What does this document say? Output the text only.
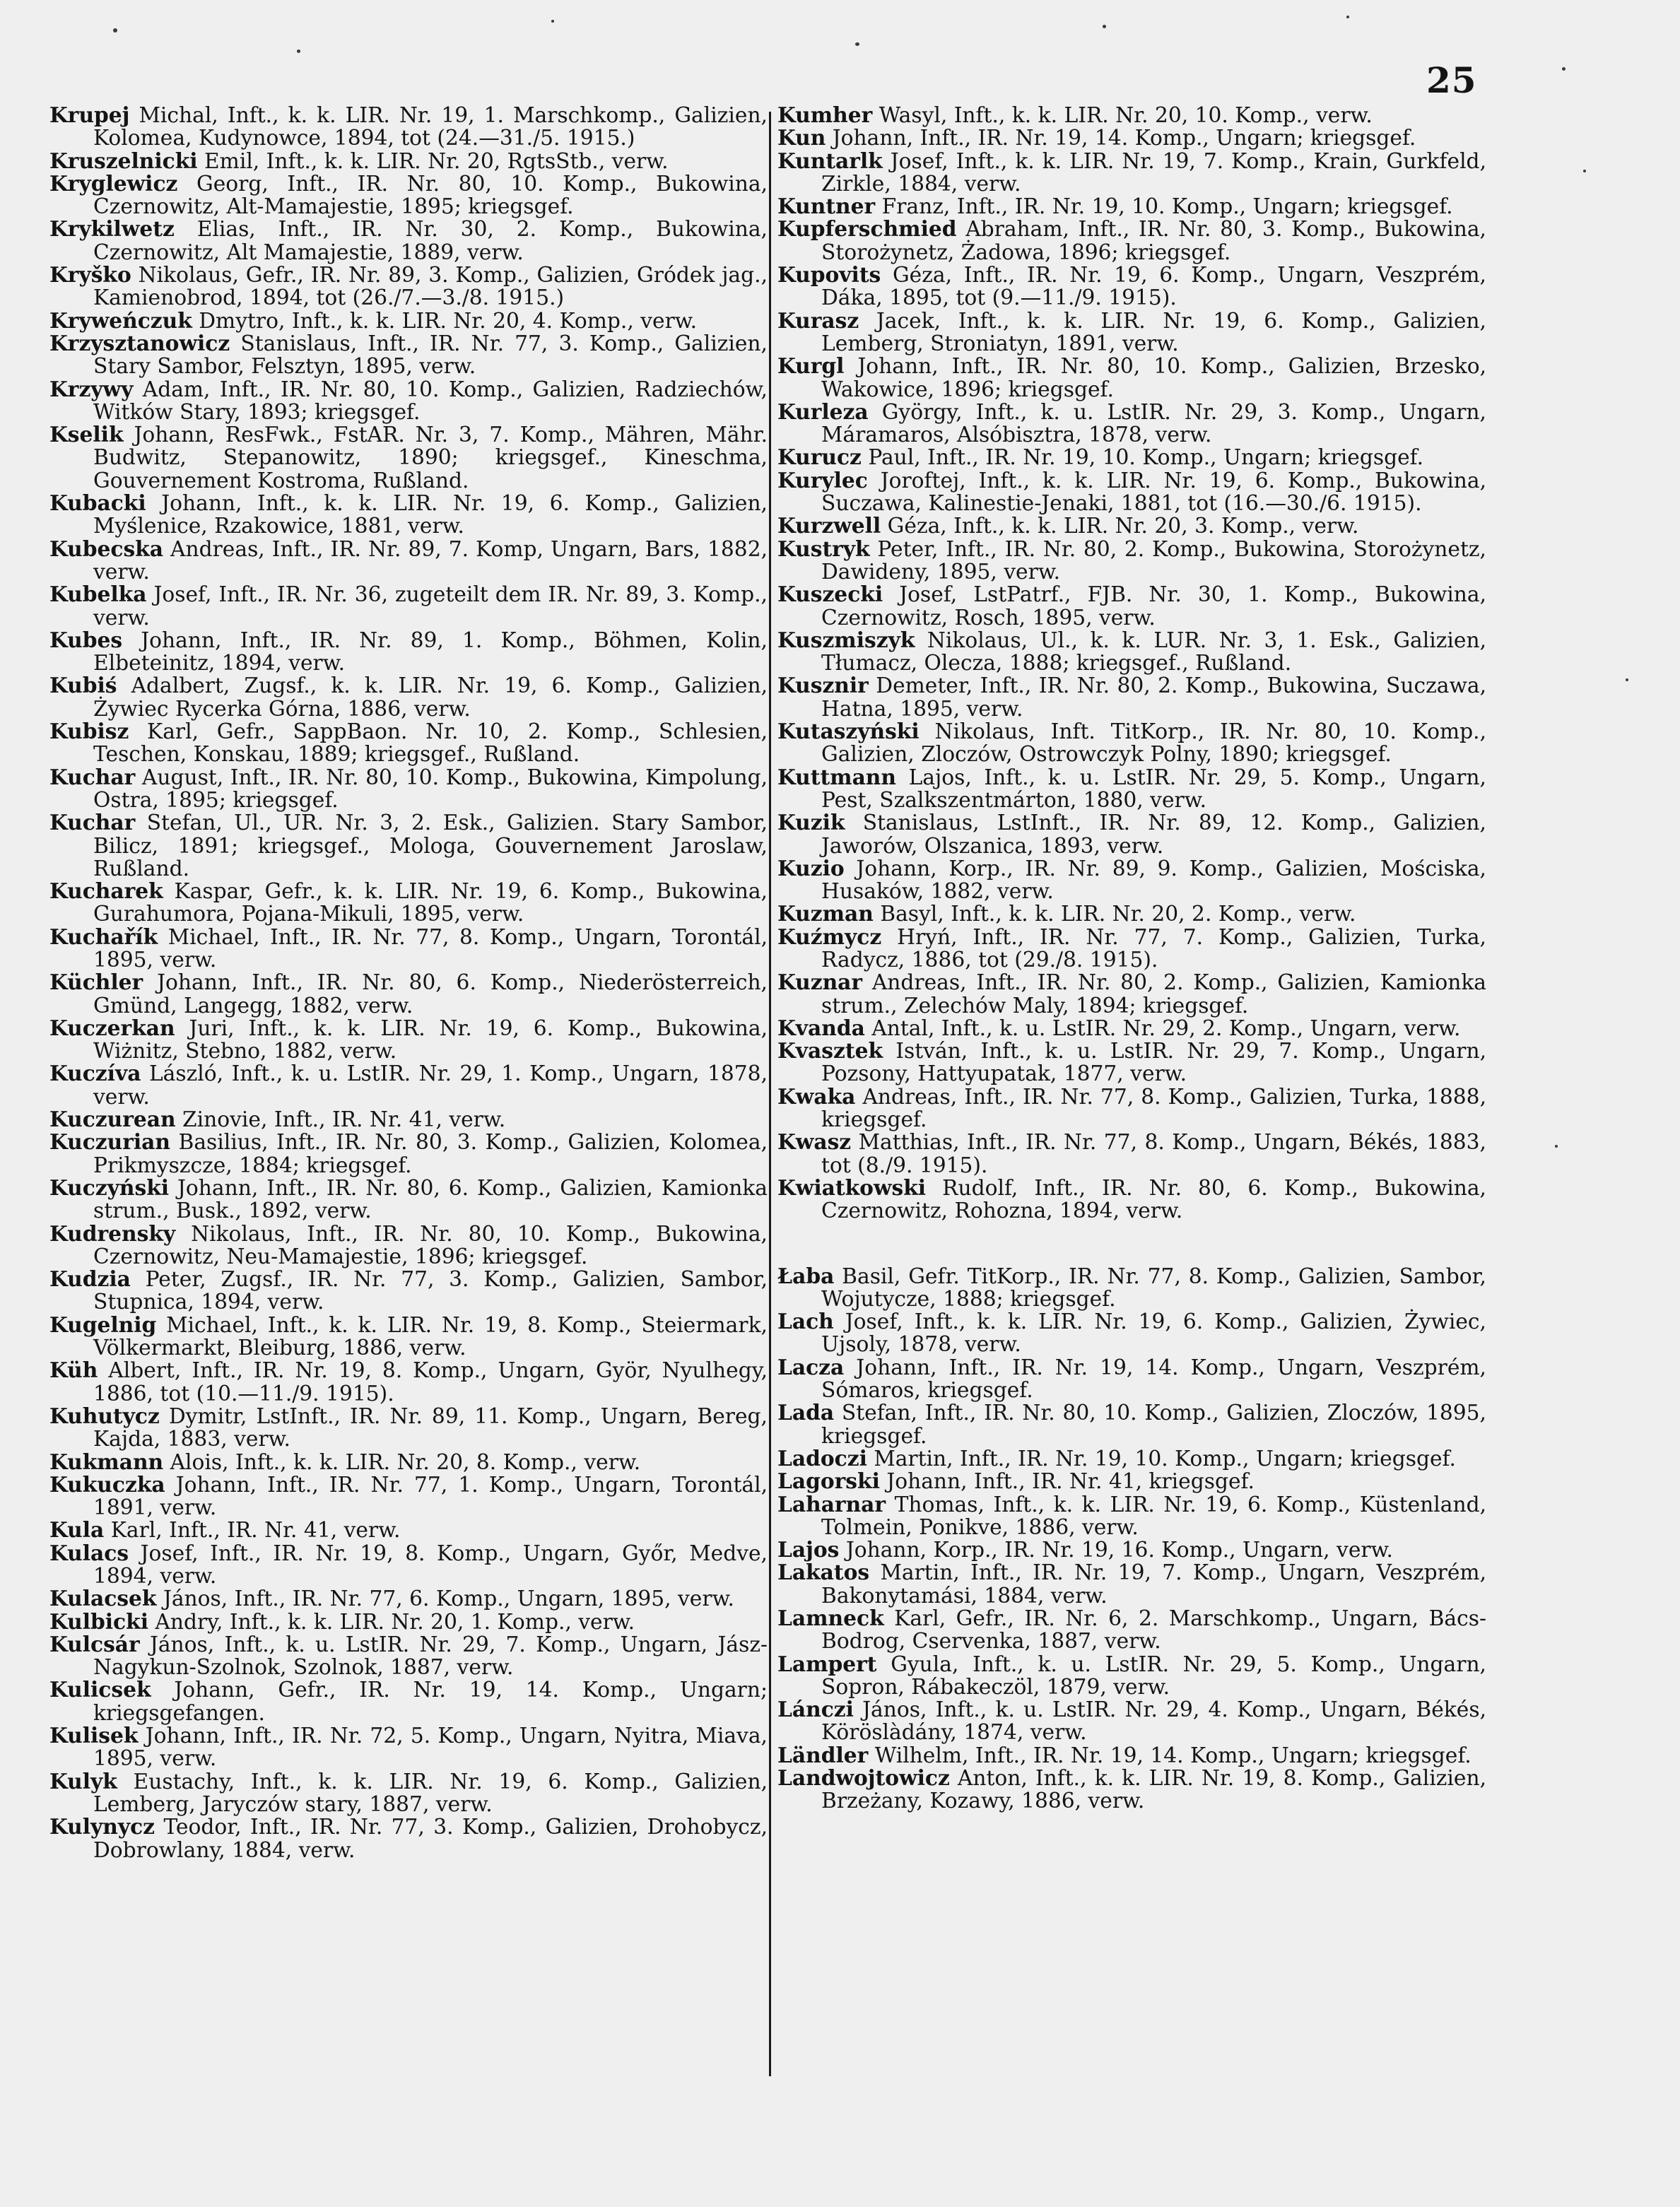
25

Krupej Michal, Inft., k. k. LIR. Nr. 19, 1. Marschkomp., Galizien, Kolomea, Kudynowce, 1894, tot (24.—31./5. 1915.)

Kruszelnicki Emil, Inft., k. k. LIR. Nr. 20, RgtsStb., verw.

Kryglewicz Georg, Inft., IR. Nr. 80, 10. Komp., Bukowina, Czernowitz, Alt-Mamajestie, 1895; kriegsgef.

Krykilwetz Elias, Inft., IR. Nr. 30, 2. Komp., Bukowina, Czernowitz, Alt Mamajestie, 1889, verw.

Kryško Nikolaus, Gefr., IR. Nr. 89, 3. Komp., Galizien, Gródek jag., Kamienobrod, 1894, tot (26./7.—3./8. 1915.)

Kryweńczuk Dmytro, Inft., k. k. LIR. Nr. 20, 4. Komp., verw.

Krzysztanowicz Stanislaus, Inft., IR. Nr. 77, 3. Komp., Galizien, Stary Sambor, Felsztyn, 1895, verw.

Krzywy Adam, Inft., IR. Nr. 80, 10. Komp., Galizien, Radziechów, Witków Stary, 1893; kriegsgef.

Kselik Johann, ResFwk., FstAR. Nr. 3, 7. Komp., Mähren, Mähr. Budwitz, Stepanowitz, 1890; kriegsgef., Kineschma, Gouvernement Kostroma, Rußland.

Kubacki Johann, Inft., k. k. LIR. Nr. 19, 6. Komp., Galizien, Myślenice, Rzakowice, 1881, verw.

Kubecska Andreas, Inft., IR. Nr. 89, 7. Komp, Ungarn, Bars, 1882, verw.

Kubelka Josef, Inft., IR. Nr. 36, zugeteilt dem IR. Nr. 89, 3. Komp., verw.

Kubes Johann, Inft., IR. Nr. 89, 1. Komp., Böhmen, Kolin, Elbeteinitz, 1894, verw.

Kubiś Adalbert, Zugsf., k. k. LIR. Nr. 19, 6. Komp., Galizien, Żywiec Rycerka Górna, 1886, verw.

Kubisz Karl, Gefr., SappBaon. Nr. 10, 2. Komp., Schlesien, Teschen, Konskau, 1889; kriegsgef., Rußland.

Kuchar August, Inft., IR. Nr. 80, 10. Komp., Bukowina, Kimpolung, Ostra, 1895; kriegsgef.

Kuchar Stefan, Ul., UR. Nr. 3, 2. Esk., Galizien. Stary Sambor, Bilicz, 1891; kriegsgef., Mologa, Gouvernement Jaroslaw, Rußland.

Kucharek Kaspar, Gefr., k. k. LIR. Nr. 19, 6. Komp., Bukowina, Gurahumora, Pojana-Mikuli, 1895, verw.

Kuchařík Michael, Inft., IR. Nr. 77, 8. Komp., Ungarn, Torontál, 1895, verw.

Küchler Johann, Inft., IR. Nr. 80, 6. Komp., Niederösterreich, Gmünd, Langegg, 1882, verw.

Kuczerkan Juri, Inft., k. k. LIR. Nr. 19, 6. Komp., Bukowina, Wiżnitz, Stebno, 1882, verw.

Kuczíva László, Inft., k. u. LstIR. Nr. 29, 1. Komp., Ungarn, 1878, verw.

Kuczurean Zinovie, Inft., IR. Nr. 41, verw.

Kuczurian Basilius, Inft., IR. Nr. 80, 3. Komp., Galizien, Kolomea, Prikmyszcze, 1884; kriegsgef.

Kuczyński Johann, Inft., IR. Nr. 80, 6. Komp., Galizien, Kamionka strum., Busk., 1892, verw.

Kudrensky Nikolaus, Inft., IR. Nr. 80, 10. Komp., Bukowina, Czernowitz, Neu-Mamajestie, 1896; kriegsgef.

Kudzia Peter, Zugsf., IR. Nr. 77, 3. Komp., Galizien, Sambor, Stupnica, 1894, verw.

Kugelnig Michael, Inft., k. k. LIR. Nr. 19, 8. Komp., Steiermark, Völkermarkt, Bleiburg, 1886, verw.

Küh Albert, Inft., IR. Nr. 19, 8. Komp., Ungarn, Györ, Nyulhegy, 1886, tot (10.—11./9. 1915).

Kuhutycz Dymitr, LstInft., IR. Nr. 89, 11. Komp., Ungarn, Bereg, Kajda, 1883, verw.

Kukmann Alois, Inft., k. k. LIR. Nr. 20, 8. Komp., verw.

Kukuczka Johann, Inft., IR. Nr. 77, 1. Komp., Ungarn, Torontál, 1891, verw.

Kula Karl, Inft., IR. Nr. 41, verw.

Kulacs Josef, Inft., IR. Nr. 19, 8. Komp., Ungarn, Győr, Medve, 1894, verw.

Kulacsek János, Inft., IR. Nr. 77, 6. Komp., Ungarn, 1895, verw.

Kulbicki Andry, Inft., k. k. LIR. Nr. 20, 1. Komp., verw.

Kulcsár János, Inft., k. u. LstIR. Nr. 29, 7. Komp., Ungarn, Jász-Nagykun-Szolnok, Szolnok, 1887, verw.

Kulicsek Johann, Gefr., IR. Nr. 19, 14. Komp., Ungarn; kriegsgefangen.

Kulisek Johann, Inft., IR. Nr. 72, 5. Komp., Ungarn, Nyitra, Miava, 1895, verw.

Kulyk Eustachy, Inft., k. k. LIR. Nr. 19, 6. Komp., Galizien, Lemberg, Jaryczów stary, 1887, verw.

Kulynycz Teodor, Inft., IR. Nr. 77, 3. Komp., Galizien, Drohobycz, Dobrowlany, 1884, verw.

Kumher Wasyl, Inft., k. k. LIR. Nr. 20, 10. Komp., verw.

Kun Johann, Inft., IR. Nr. 19, 14. Komp., Ungarn; kriegsgef.

Kuntarlk Josef, Inft., k. k. LIR. Nr. 19, 7. Komp., Krain, Gurkfeld, Zirkle, 1884, verw.

Kuntner Franz, Inft., IR. Nr. 19, 10. Komp., Ungarn; kriegsgef.

Kupferschmied Abraham, Inft., IR. Nr. 80, 3. Komp., Bukowina, Storożynetz, Żadowa, 1896; kriegsgef.

Kupovits Géza, Inft., IR. Nr. 19, 6. Komp., Ungarn, Veszprém, Dáka, 1895, tot (9.—11./9. 1915).

Kurasz Jacek, Inft., k. k. LIR. Nr. 19, 6. Komp., Galizien, Lemberg, Stroniatyn, 1891, verw.

Kurgl Johann, Inft., IR. Nr. 80, 10. Komp., Galizien, Brzesko, Wakowice, 1896; kriegsgef.

Kurleza György, Inft., k. u. LstIR. Nr. 29, 3. Komp., Ungarn, Máramaros, Alsóbisztra, 1878, verw.

Kurucz Paul, Inft., IR. Nr. 19, 10. Komp., Ungarn; kriegsgef.

Kurylec Joroftej, Inft., k. k. LIR. Nr. 19, 6. Komp., Bukowina, Suczawa, Kalinestie-Jenaki, 1881, tot (16.—30./6. 1915).

Kurzwell Géza, Inft., k. k. LIR. Nr. 20, 3. Komp., verw.

Kustryk Peter, Inft., IR. Nr. 80, 2. Komp., Bukowina, Storożynetz, Dawideny, 1895, verw.

Kuszecki Josef, LstPatrf., FJB. Nr. 30, 1. Komp., Bukowina, Czernowitz, Rosch, 1895, verw.

Kuszmiszyk Nikolaus, Ul., k. k. LUR. Nr. 3, 1. Esk., Galizien, Tłumacz, Olecza, 1888; kriegsgef., Rußland.

Kusznir Demeter, Inft., IR. Nr. 80, 2. Komp., Bukowina, Suczawa, Hatna, 1895, verw.

Kutaszyński Nikolaus, Inft. TitKorp., IR. Nr. 80, 10. Komp., Galizien, Zloczów, Ostrowczyk Polny, 1890; kriegsgef.

Kuttmann Lajos, Inft., k. u. LstIR. Nr. 29, 5. Komp., Ungarn, Pest, Szalkszentmárton, 1880, verw.

Kuzik Stanislaus, LstInft., IR. Nr. 89, 12. Komp., Galizien, Jaworów, Olszanica, 1893, verw.

Kuzio Johann, Korp., IR. Nr. 89, 9. Komp., Galizien, Mościska, Husaków, 1882, verw.

Kuzman Basyl, Inft., k. k. LIR. Nr. 20, 2. Komp., verw.

Kuźmycz Hryń, Inft., IR. Nr. 77, 7. Komp., Galizien, Turka, Radycz, 1886, tot (29./8. 1915).

Kuznar Andreas, Inft., IR. Nr. 80, 2. Komp., Galizien, Kamionka strum., Zelechów Maly, 1894; kriegsgef.

Kvanda Antal, Inft., k. u. LstIR. Nr. 29, 2. Komp., Ungarn, verw.

Kvasztek István, Inft., k. u. LstIR. Nr. 29, 7. Komp., Ungarn, Pozsony, Hattyupatak, 1877, verw.

Kwaka Andreas, Inft., IR. Nr. 77, 8. Komp., Galizien, Turka, 1888, kriegsgef.

Kwasz Matthias, Inft., IR. Nr. 77, 8. Komp., Ungarn, Békés, 1883, tot (8./9. 1915).

Kwiatkowski Rudolf, Inft., IR. Nr. 80, 6. Komp., Bukowina, Czernowitz, Rohozna, 1894, verw.

Łaba Basil, Gefr. TitKorp., IR. Nr. 77, 8. Komp., Galizien, Sambor, Wojutycze, 1888; kriegsgef.

Lach Josef, Inft., k. k. LIR. Nr. 19, 6. Komp., Galizien, Żywiec, Ujsoly, 1878, verw.

Lacza Johann, Inft., IR. Nr. 19, 14. Komp., Ungarn, Veszprém, Sómaros, kriegsgef.

Lada Stefan, Inft., IR. Nr. 80, 10. Komp., Galizien, Zloczów, 1895, kriegsgef.

Ladoczi Martin, Inft., IR. Nr. 19, 10. Komp., Ungarn; kriegsgef.

Lagorski Johann, Inft., IR. Nr. 41, kriegsgef.

Laharnar Thomas, Inft., k. k. LIR. Nr. 19, 6. Komp., Küstenland, Tolmein, Ponikve, 1886, verw.

Lajos Johann, Korp., IR. Nr. 19, 16. Komp., Ungarn, verw.

Lakatos Martin, Inft., IR. Nr. 19, 7. Komp., Ungarn, Veszprém, Bakonytamási, 1884, verw.

Lamneck Karl, Gefr., IR. Nr. 6, 2. Marschkomp., Ungarn, Bács-Bodrog, Cservenka, 1887, verw.

Lampert Gyula, Inft., k. u. LstIR. Nr. 29, 5. Komp., Ungarn, Sopron, Rábakeczöl, 1879, verw.

Lánczi János, Inft., k. u. LstIR. Nr. 29, 4. Komp., Ungarn, Békés, Köröslàdány, 1874, verw.

Ländler Wilhelm, Inft., IR. Nr. 19, 14. Komp., Ungarn; kriegsgef.

Landwojtowicz Anton, Inft., k. k. LIR. Nr. 19, 8. Komp., Galizien, Brzeżany, Kozawy, 1886, verw.
